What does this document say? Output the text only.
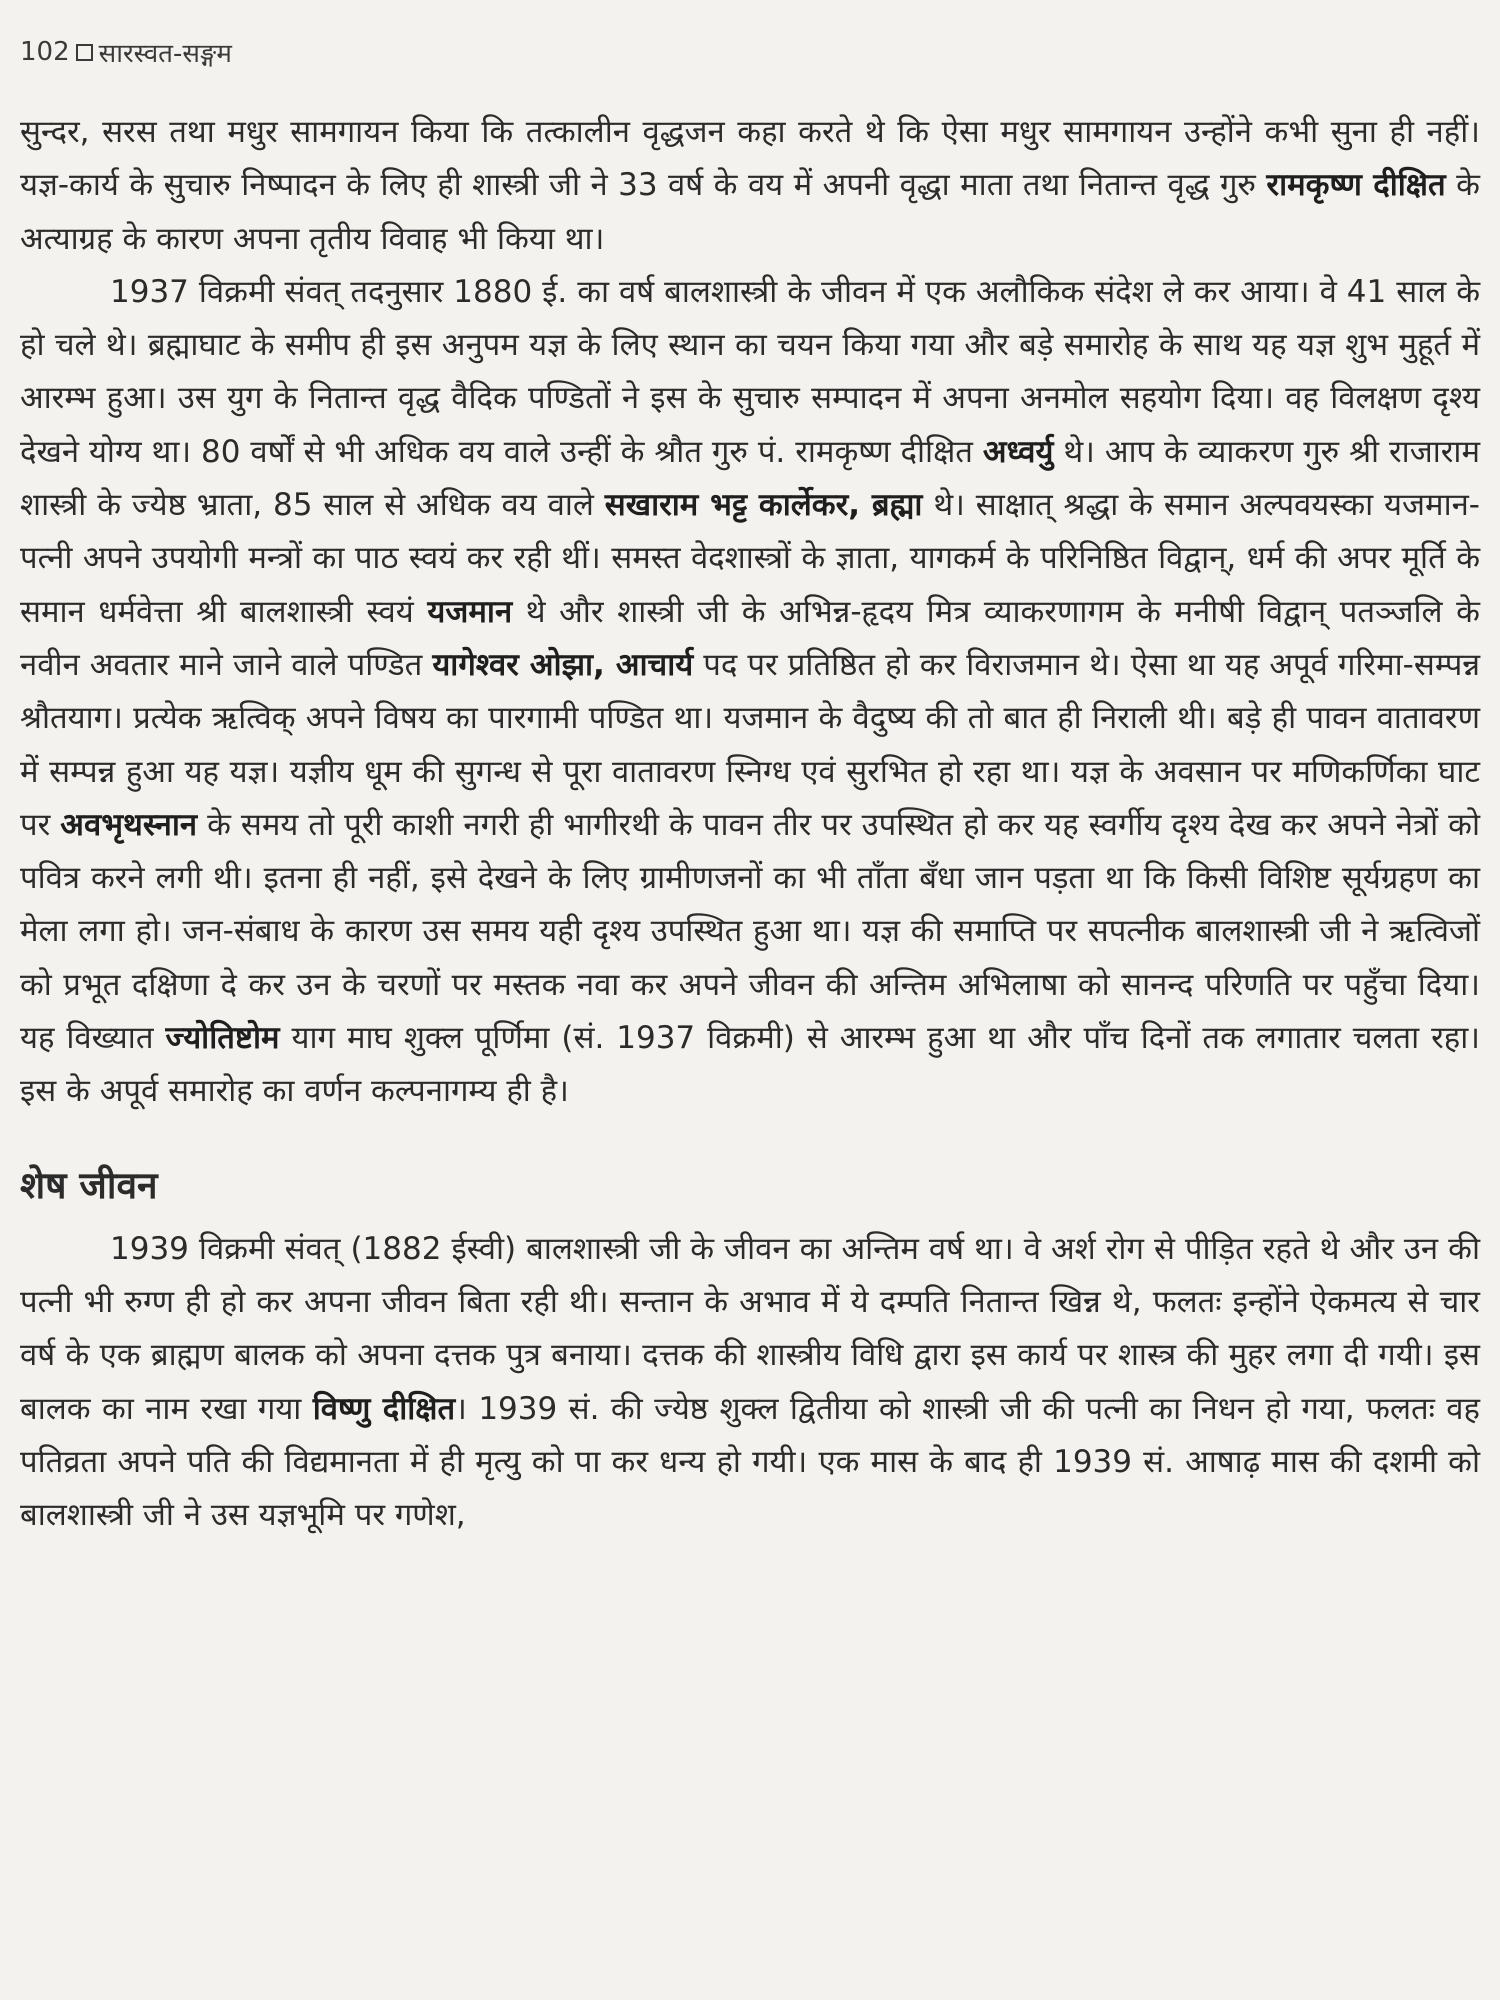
102 सारस्वत-सङ्गम

सुन्दर, सरस तथा मधुर सामगायन किया कि तत्कालीन वृद्धजन कहा करते थे कि ऐसा मधुर सामगायन उन्होंने कभी सुना ही नहीं। यज्ञ-कार्य के सुचारु निष्पादन के लिए ही शास्त्री जी ने 33 वर्ष के वय में अपनी वृद्धा माता तथा नितान्त वृद्ध गुरु रामकृष्ण दीक्षित के अत्याग्रह के कारण अपना तृतीय विवाह भी किया था।

1937 विक्रमी संवत् तदनुसार 1880 ई. का वर्ष बालशास्त्री के जीवन में एक अलौकिक संदेश ले कर आया। वे 41 साल के हो चले थे। ब्रह्माघाट के समीप ही इस अनुपम यज्ञ के लिए स्थान का चयन किया गया और बड़े समारोह के साथ यह यज्ञ शुभ मुहूर्त में आरम्भ हुआ। उस युग के नितान्त वृद्ध वैदिक पण्डितों ने इस के सुचारु सम्पादन में अपना अनमोल सहयोग दिया। वह विलक्षण दृश्य देखने योग्य था। 80 वर्षों से भी अधिक वय वाले उन्हीं के श्रौत गुरु पं. रामकृष्ण दीक्षित अध्वर्यु थे। आप के व्याकरण गुरु श्री राजाराम शास्त्री के ज्येष्ठ भ्राता, 85 साल से अधिक वय वाले सखाराम भट्ट कार्लेकर, ब्रह्मा थे। साक्षात् श्रद्धा के समान अल्पवयस्का यजमान-पत्नी अपने उपयोगी मन्त्रों का पाठ स्वयं कर रही थीं। समस्त वेदशास्त्रों के ज्ञाता, यागकर्म के परिनिष्ठित विद्वान्, धर्म की अपर मूर्ति के समान धर्मवेत्ता श्री बालशास्त्री स्वयं यजमान थे और शास्त्री जी के अभिन्न-हृदय मित्र व्याकरणागम के मनीषी विद्वान् पतञ्जलि के नवीन अवतार माने जाने वाले पण्डित यागेश्वर ओझा, आचार्य पद पर प्रतिष्ठित हो कर विराजमान थे। ऐसा था यह अपूर्व गरिमा-सम्पन्न श्रौतयाग। प्रत्येक ऋत्विक् अपने विषय का पारगामी पण्डित था। यजमान के वैदुष्य की तो बात ही निराली थी। बड़े ही पावन वातावरण में सम्पन्न हुआ यह यज्ञ। यज्ञीय धूम की सुगन्ध से पूरा वातावरण स्निग्ध एवं सुरभित हो रहा था। यज्ञ के अवसान पर मणिकर्णिका घाट पर अवभृथस्नान के समय तो पूरी काशी नगरी ही भागीरथी के पावन तीर पर उपस्थित हो कर यह स्वर्गीय दृश्य देख कर अपने नेत्रों को पवित्र करने लगी थी। इतना ही नहीं, इसे देखने के लिए ग्रामीणजनों का भी ताँता बँधा जान पड़ता था कि किसी विशिष्ट सूर्यग्रहण का मेला लगा हो। जन-संबाध के कारण उस समय यही दृश्य उपस्थित हुआ था। यज्ञ की समाप्ति पर सपत्नीक बालशास्त्री जी ने ऋत्विजों को प्रभूत दक्षिणा दे कर उन के चरणों पर मस्तक नवा कर अपने जीवन की अन्तिम अभिलाषा को सानन्द परिणति पर पहुँचा दिया। यह विख्यात ज्योतिष्टोम याग माघ शुक्ल पूर्णिमा (सं. 1937 विक्रमी) से आरम्भ हुआ था और पाँच दिनों तक लगातार चलता रहा। इस के अपूर्व समारोह का वर्णन कल्पनागम्य ही है।

शेष जीवन

1939 विक्रमी संवत् (1882 ईस्वी) बालशास्त्री जी के जीवन का अन्तिम वर्ष था। वे अर्श रोग से पीड़ित रहते थे और उन की पत्नी भी रुग्ण ही हो कर अपना जीवन बिता रही थी। सन्तान के अभाव में ये दम्पति नितान्त खिन्न थे, फलतः इन्होंने ऐकमत्य से चार वर्ष के एक ब्राह्मण बालक को अपना दत्तक पुत्र बनाया। दत्तक की शास्त्रीय विधि द्वारा इस कार्य पर शास्त्र की मुहर लगा दी गयी। इस बालक का नाम रखा गया विष्णु दीक्षित। 1939 सं. की ज्येष्ठ शुक्ल द्वितीया को शास्त्री जी की पत्नी का निधन हो गया, फलतः वह पतिव्रता अपने पति की विद्यमानता में ही मृत्यु को पा कर धन्य हो गयी। एक मास के बाद ही 1939 सं. आषाढ़ मास की दशमी को बालशास्त्री जी ने उस यज्ञभूमि पर गणेश,
